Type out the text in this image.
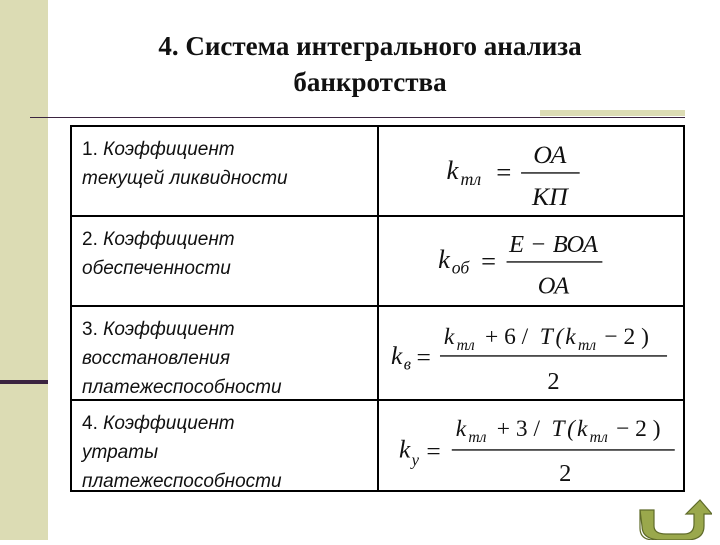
4. Система интегрального анализа
банкротства
1. Коэффициент
текущей ликвидности	k тл =
ОА
КП
2. Коэффициент
обеспеченности	k об =
Е − ВОА
ОА
3. Коэффициент
восстановления
платежеспособности
k в =
k тл + 6 / T ( k тл − 2 )
2
4. Коэффициент
утраты
платежеспособности
k у =
k тл + 3 / T ( k тл − 2 )
2
